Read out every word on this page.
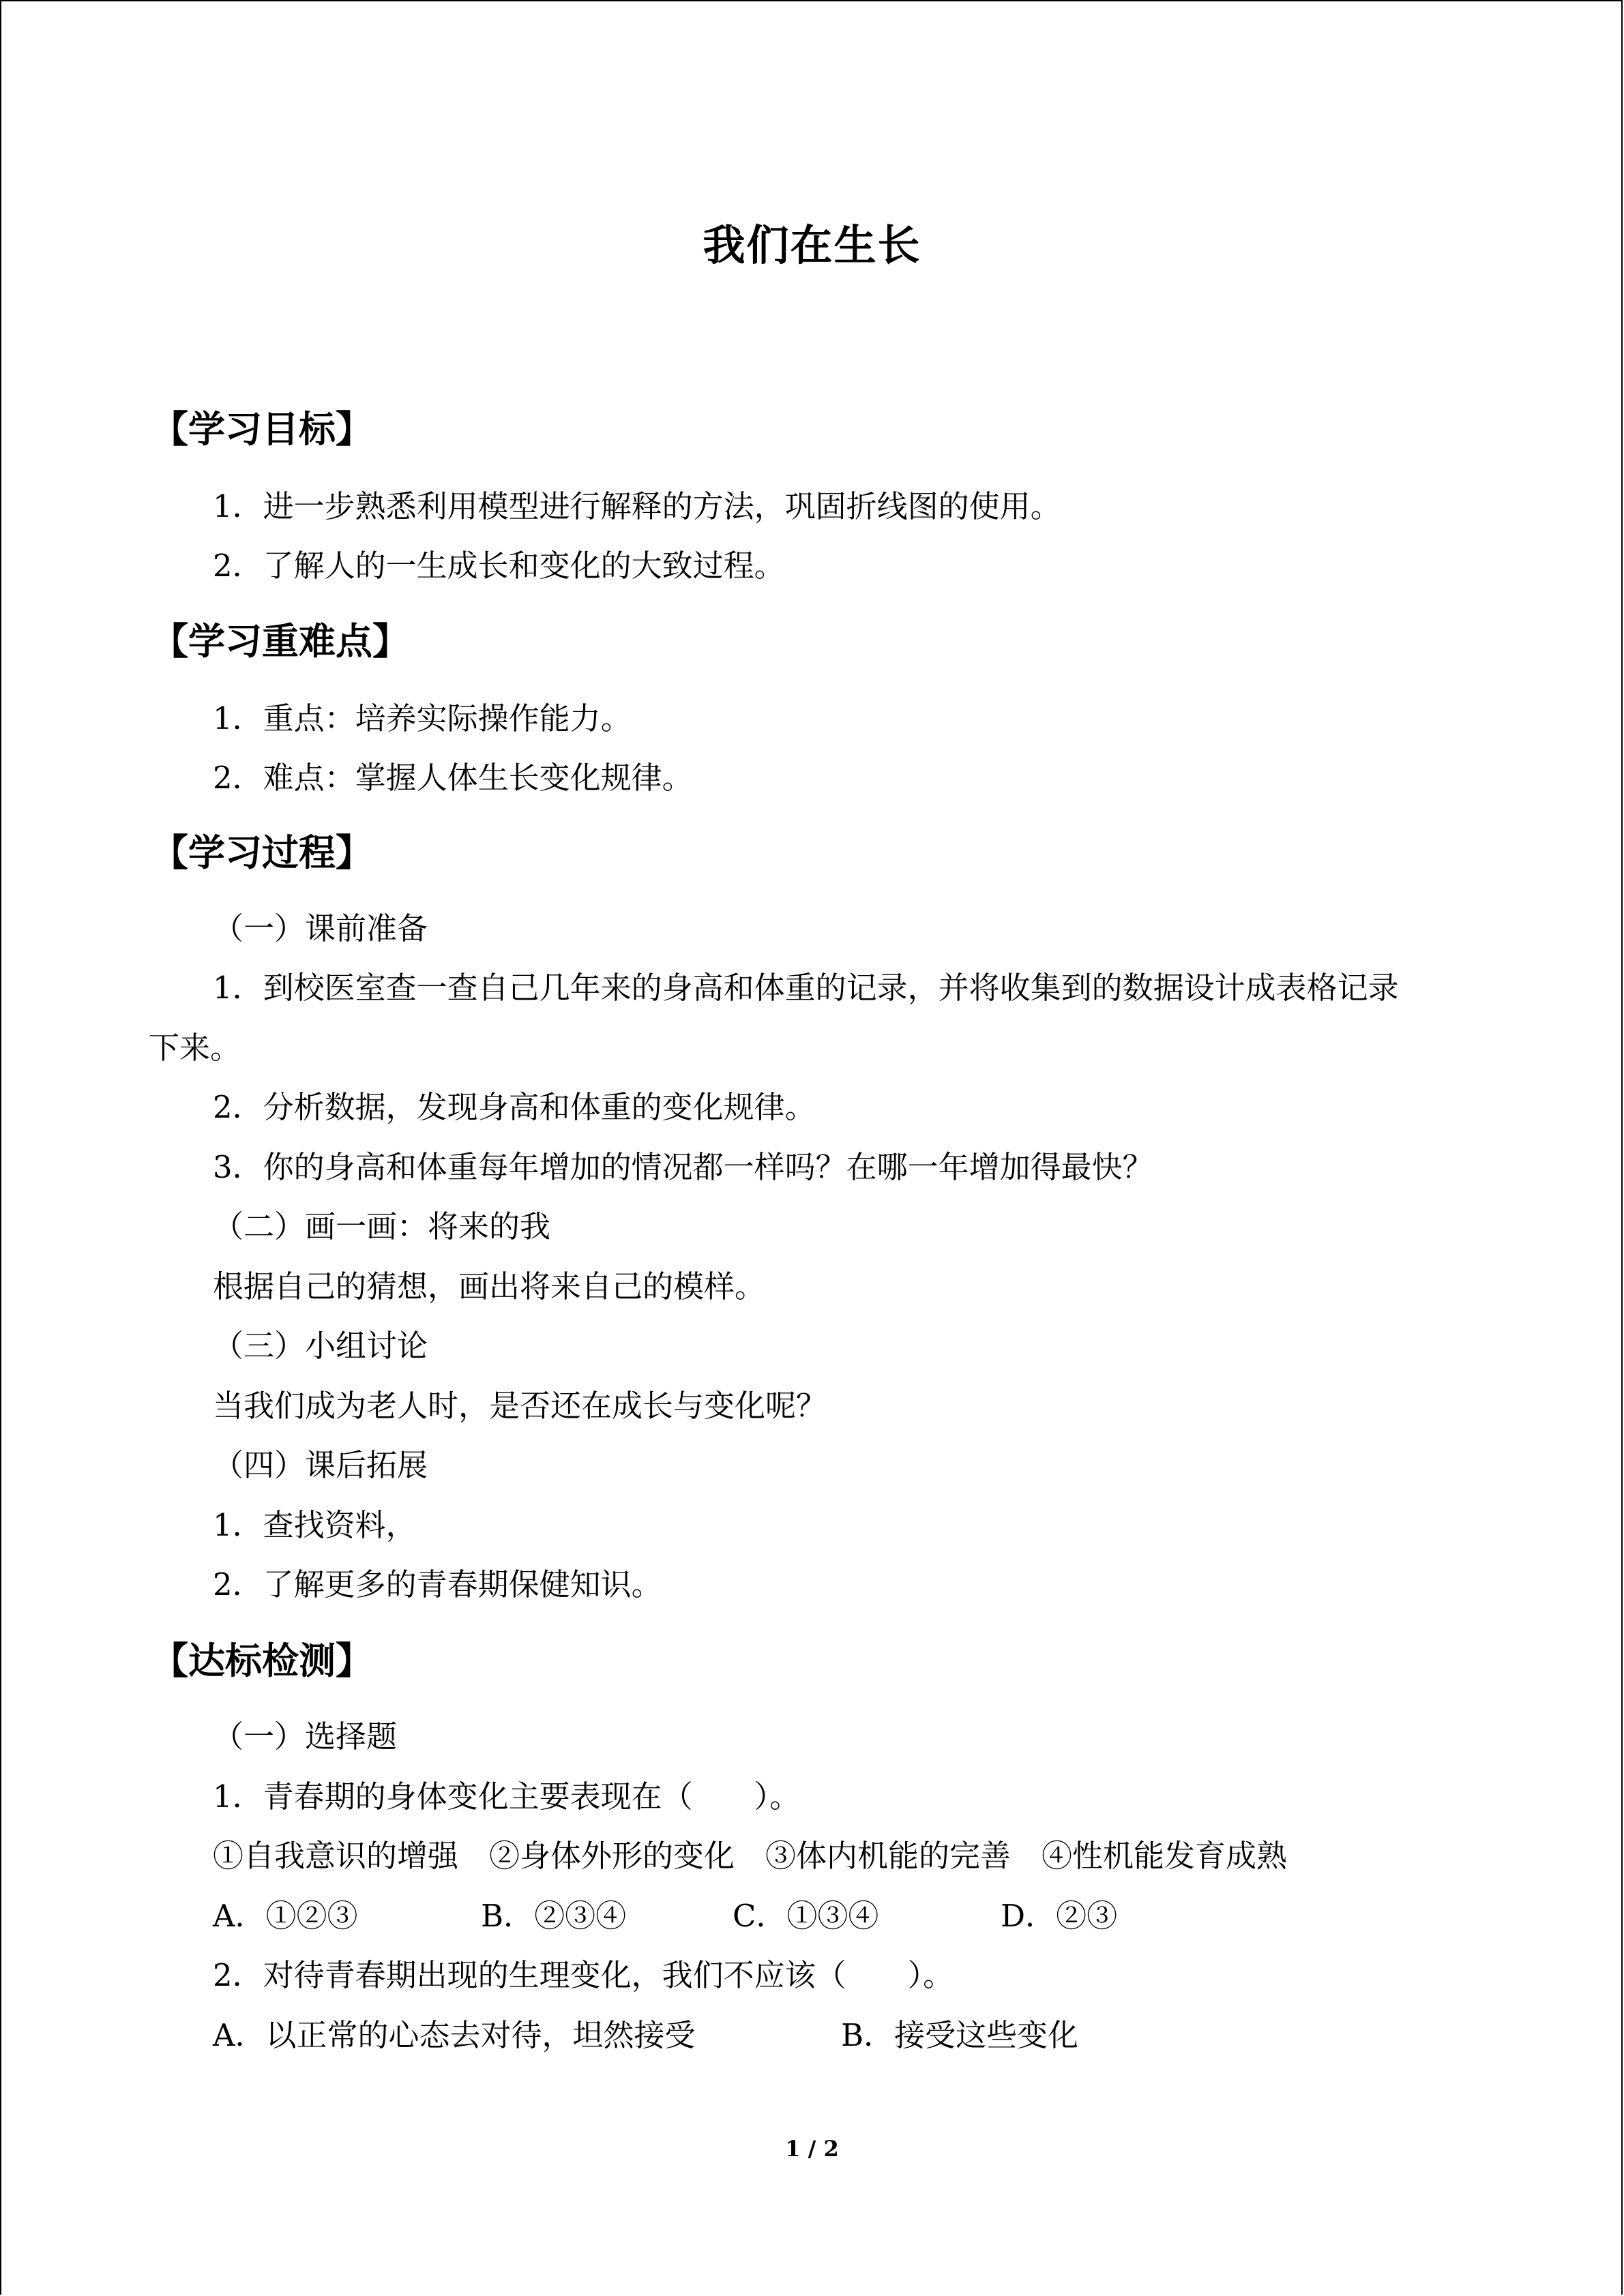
我们在生长
【学习目标】
1．进一步熟悉利用模型进行解释的方法，巩固折线图的使用。
2．了解人的一生成长和变化的大致过程。
【学习重难点】
1．重点：培养实际操作能力。
2．难点：掌握人体生长变化规律。
【学习过程】
（一）课前准备
1．到校医室查一查自己几年来的身高和体重的记录，并将收集到的数据设计成表格记录
下来。
2．分析数据，发现身高和体重的变化规律。
3．你的身高和体重每年增加的情况都一样吗？在哪一年增加得最快？
（二）画一画：将来的我
根据自己的猜想，画出将来自己的模样。
（三）小组讨论
当我们成为老人时，是否还在成长与变化呢？
（四）课后拓展
1．查找资料，
2．了解更多的青春期保健知识。
【达标检测】
（一）选择题
1．青春期的身体变化主要表现在（　　）。
①自我意识的增强　②身体外形的变化　③体内机能的完善　④性机能发育成熟
A．①②③	B．②③④	C．①③④	D．②③
2．对待青春期出现的生理变化，我们不应该（　　）。
A．以正常的心态去对待，坦然接受	B．接受这些变化
1 / 2
